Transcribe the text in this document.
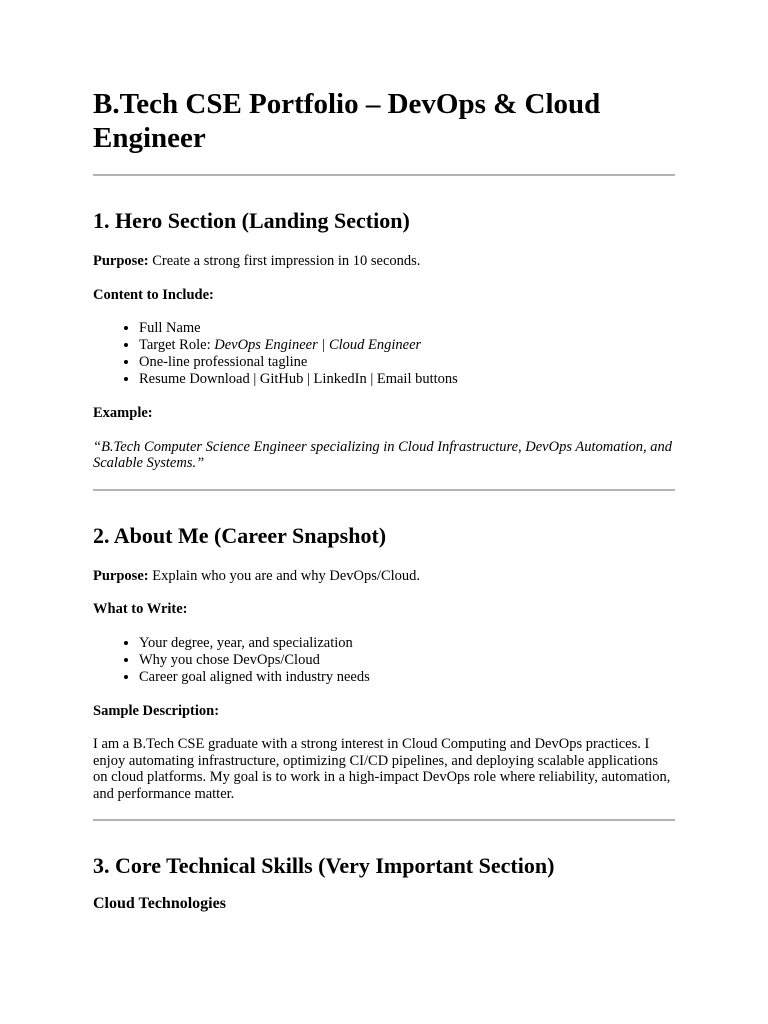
B.Tech CSE Portfolio – DevOps & Cloud Engineer
1. Hero Section (Landing Section)

Purpose: Create a strong first impression in 10 seconds.

Content to Include:

• Full Name
• Target Role: DevOps Engineer | Cloud Engineer
• One-line professional tagline
• Resume Download | GitHub | LinkedIn | Email buttons

Example:

“B.Tech Computer Science Engineer specializing in Cloud Infrastructure, DevOps Automation, and Scalable Systems.”

2. About Me (Career Snapshot)

Purpose: Explain who you are and why DevOps/Cloud.

What to Write:

• Your degree, year, and specialization
• Why you chose DevOps/Cloud
• Career goal aligned with industry needs

Sample Description:

I am a B.Tech CSE graduate with a strong interest in Cloud Computing and DevOps practices. I enjoy automating infrastructure, optimizing CI/CD pipelines, and deploying scalable applications on cloud platforms. My goal is to work in a high-impact DevOps role where reliability, automation, and performance matter.

3. Core Technical Skills (Very Important Section)
Cloud Technologies
